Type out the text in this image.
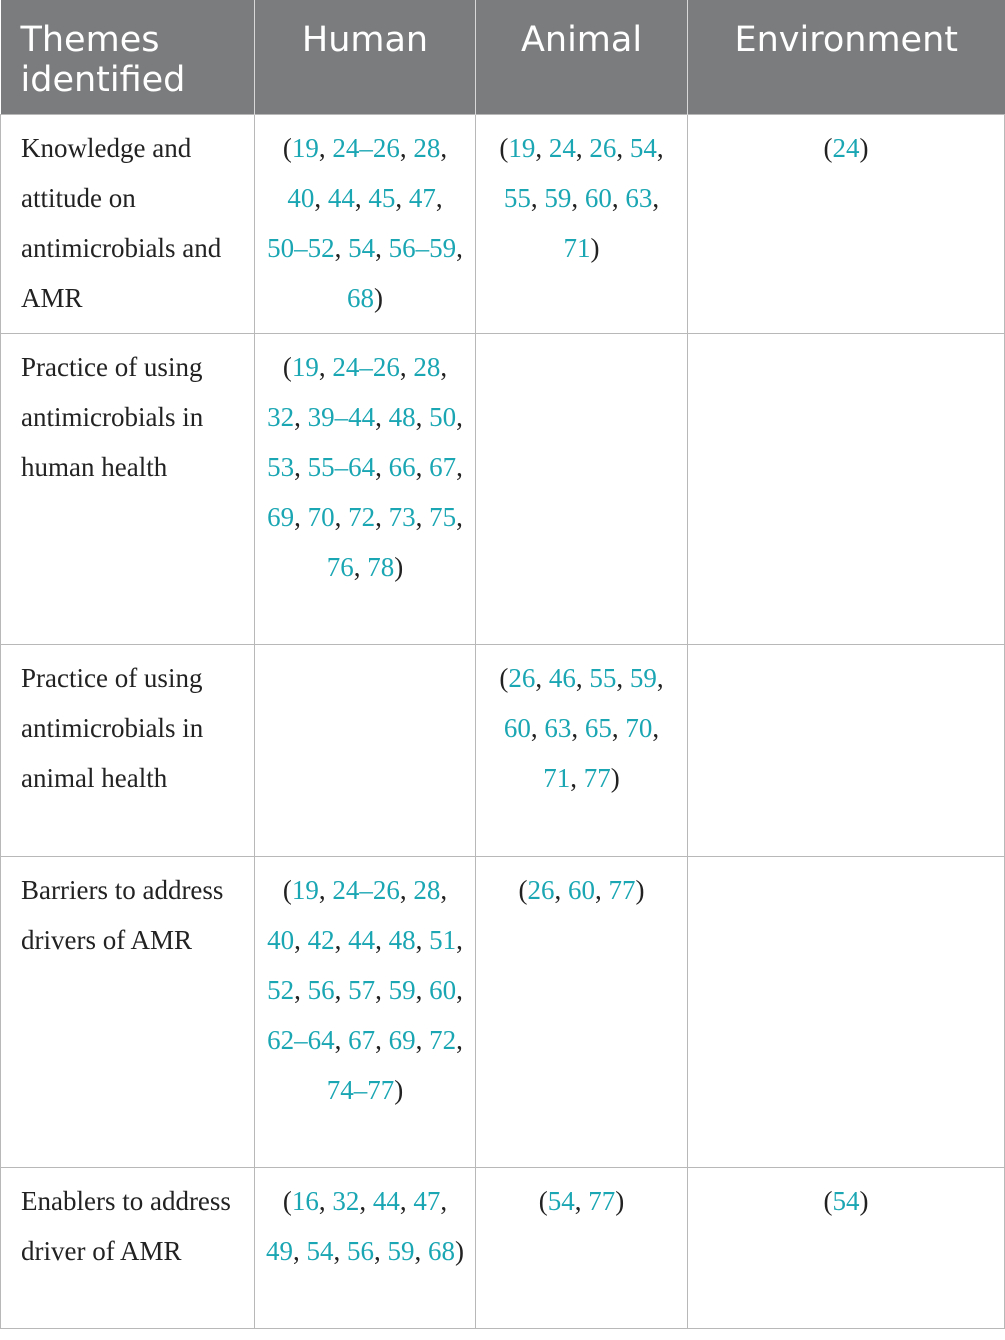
Themes identified	Human	Animal	Environment
Knowledge and attitude on antimicrobials and AMR	(19, 24–26, 28, 40, 44, 45, 47, 50–52, 54, 56–59, 68)	(19, 24, 26, 54, 55, 59, 60, 63, 71)	(24)
Practice of using antimicrobials in human health	(19, 24–26, 28, 32, 39–44, 48, 50, 53, 55–64, 66, 67, 69, 70, 72, 73, 75, 76, 78)		
Practice of using antimicrobials in animal health		(26, 46, 55, 59, 60, 63, 65, 70, 71, 77)	
Barriers to address drivers of AMR	(19, 24–26, 28, 40, 42, 44, 48, 51, 52, 56, 57, 59, 60, 62–64, 67, 69, 72, 74–77)	(26, 60, 77)	
Enablers to address driver of AMR	(16, 32, 44, 47, 49, 54, 56, 59, 68)	(54, 77)	(54)
